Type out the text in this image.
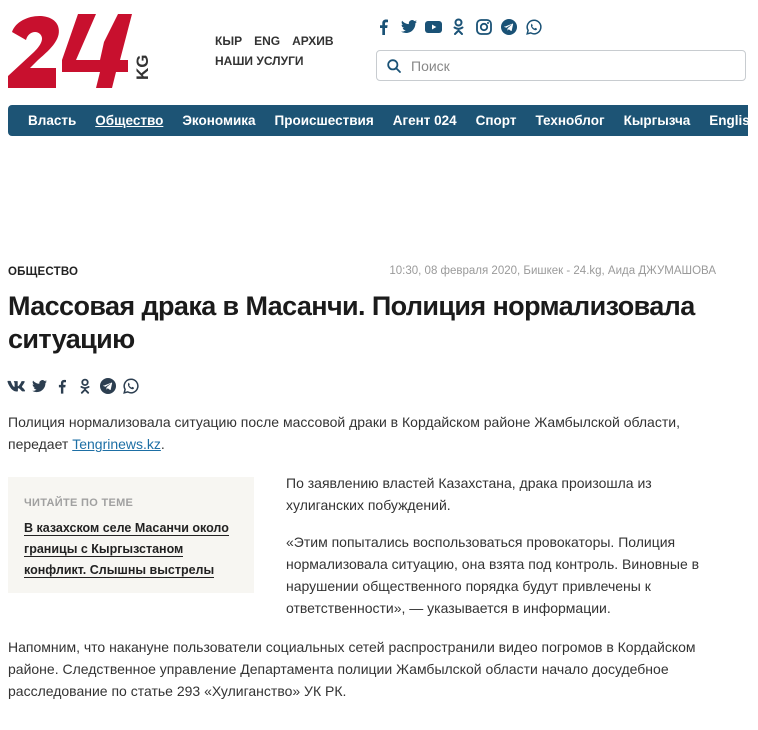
KG
КЫР ENG АРХИВ
НАШИ УСЛУГИ
Поиск
Власть Общество Экономика Происшествия Агент 024 Спорт Техноблог Кыргызча English
ОБЩЕСТВО	10:30, 08 февраля 2020, Бишкек - 24.kg, Аида ДЖУМАШОВА
Массовая драка в Масанчи. Полиция нормализовала ситуацию

Полиция нормализовала ситуацию после массовой драки в Кордайском районе Жамбылской области, передает Tengrinews.kz.

ЧИТАЙТЕ ПО ТЕМЕ
В казахском селе Масанчи около границы с Кыргызстаном конфликт. Слышны выстрелы

По заявлению властей Казахстана, драка произошла из хулиганских побуждений.

«Этим попытались воспользоваться провокаторы. Полиция нормализовала ситуацию, она взята под контроль. Виновные в нарушении общественного порядка будут привлечены к ответственности», — указывается в информации.

Напомним, что накануне пользователи социальных сетей распространили видео погромов в Кордайском районе. Следственное управление Департамента полиции Жамбылской области начало досудебное расследование по статье 293 «Хулиганство» УК РК.
